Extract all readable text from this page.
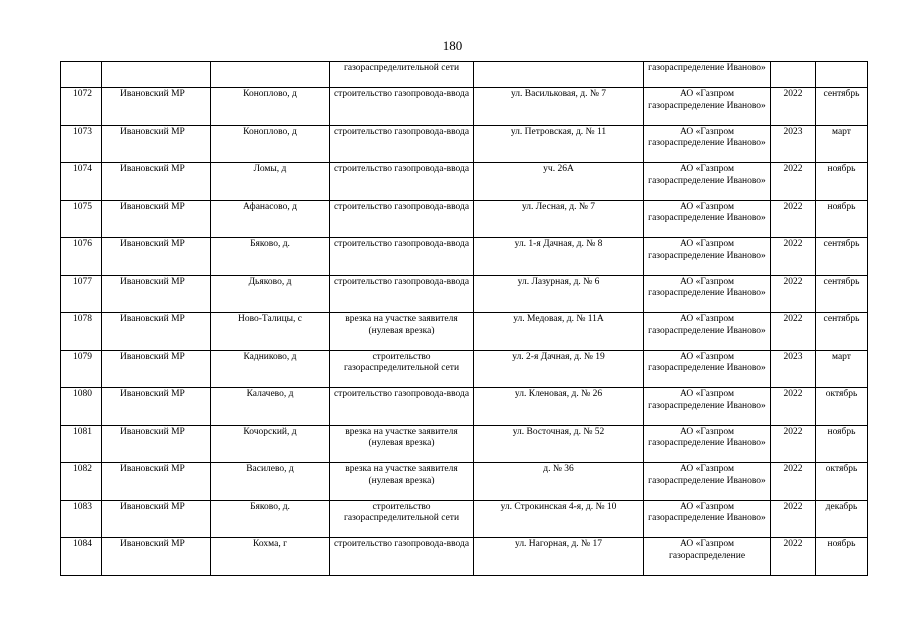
180
			газораспределительной сети		газораспределение Иваново»		
1072	Ивановский МР	Коноплово, д	строительство газопровода-ввода	ул. Васильковая, д. № 7	АО «Газпром газораспределение Иваново»	2022	сентябрь
1073	Ивановский МР	Коноплово, д	строительство газопровода-ввода	ул. Петровская, д. № 11	АО «Газпром газораспределение Иваново»	2023	март
1074	Ивановский МР	Ломы, д	строительство газопровода-ввода	уч. 26А	АО «Газпром газораспределение Иваново»	2022	ноябрь
1075	Ивановский МР	Афанасово, д	строительство газопровода-ввода	ул. Лесная, д. № 7	АО «Газпром газораспределение Иваново»	2022	ноябрь
1076	Ивановский МР	Бяково, д.	строительство газопровода-ввода	ул. 1-я Дачная, д. № 8	АО «Газпром газораспределение Иваново»	2022	сентябрь
1077	Ивановский МР	Дьяково, д	строительство газопровода-ввода	ул. Лазурная, д. № 6	АО «Газпром газораспределение Иваново»	2022	сентябрь
1078	Ивановский МР	Ново-Талицы, с	врезка на участке заявителя (нулевая врезка)	ул. Медовая, д. № 11А	АО «Газпром газораспределение Иваново»	2022	сентябрь
1079	Ивановский МР	Кадниково, д	строительство газораспределительной сети	ул. 2-я Дачная, д. № 19	АО «Газпром газораспределение Иваново»	2023	март
1080	Ивановский МР	Калачево, д	строительство газопровода-ввода	ул. Кленовая, д. № 26	АО «Газпром газораспределение Иваново»	2022	октябрь
1081	Ивановский МР	Кочорский, д	врезка на участке заявителя (нулевая врезка)	ул. Восточная, д. № 52	АО «Газпром газораспределение Иваново»	2022	ноябрь
1082	Ивановский МР	Василево, д	врезка на участке заявителя (нулевая врезка)	д. № 36	АО «Газпром газораспределение Иваново»	2022	октябрь
1083	Ивановский МР	Бяково, д.	строительство газораспределительной сети	ул. Строкинская 4-я, д. № 10	АО «Газпром газораспределение Иваново»	2022	декабрь
1084	Ивановский МР	Кохма, г	строительство газопровода-ввода	ул. Нагорная, д. № 17	АО «Газпром газораспределение	2022	ноябрь
